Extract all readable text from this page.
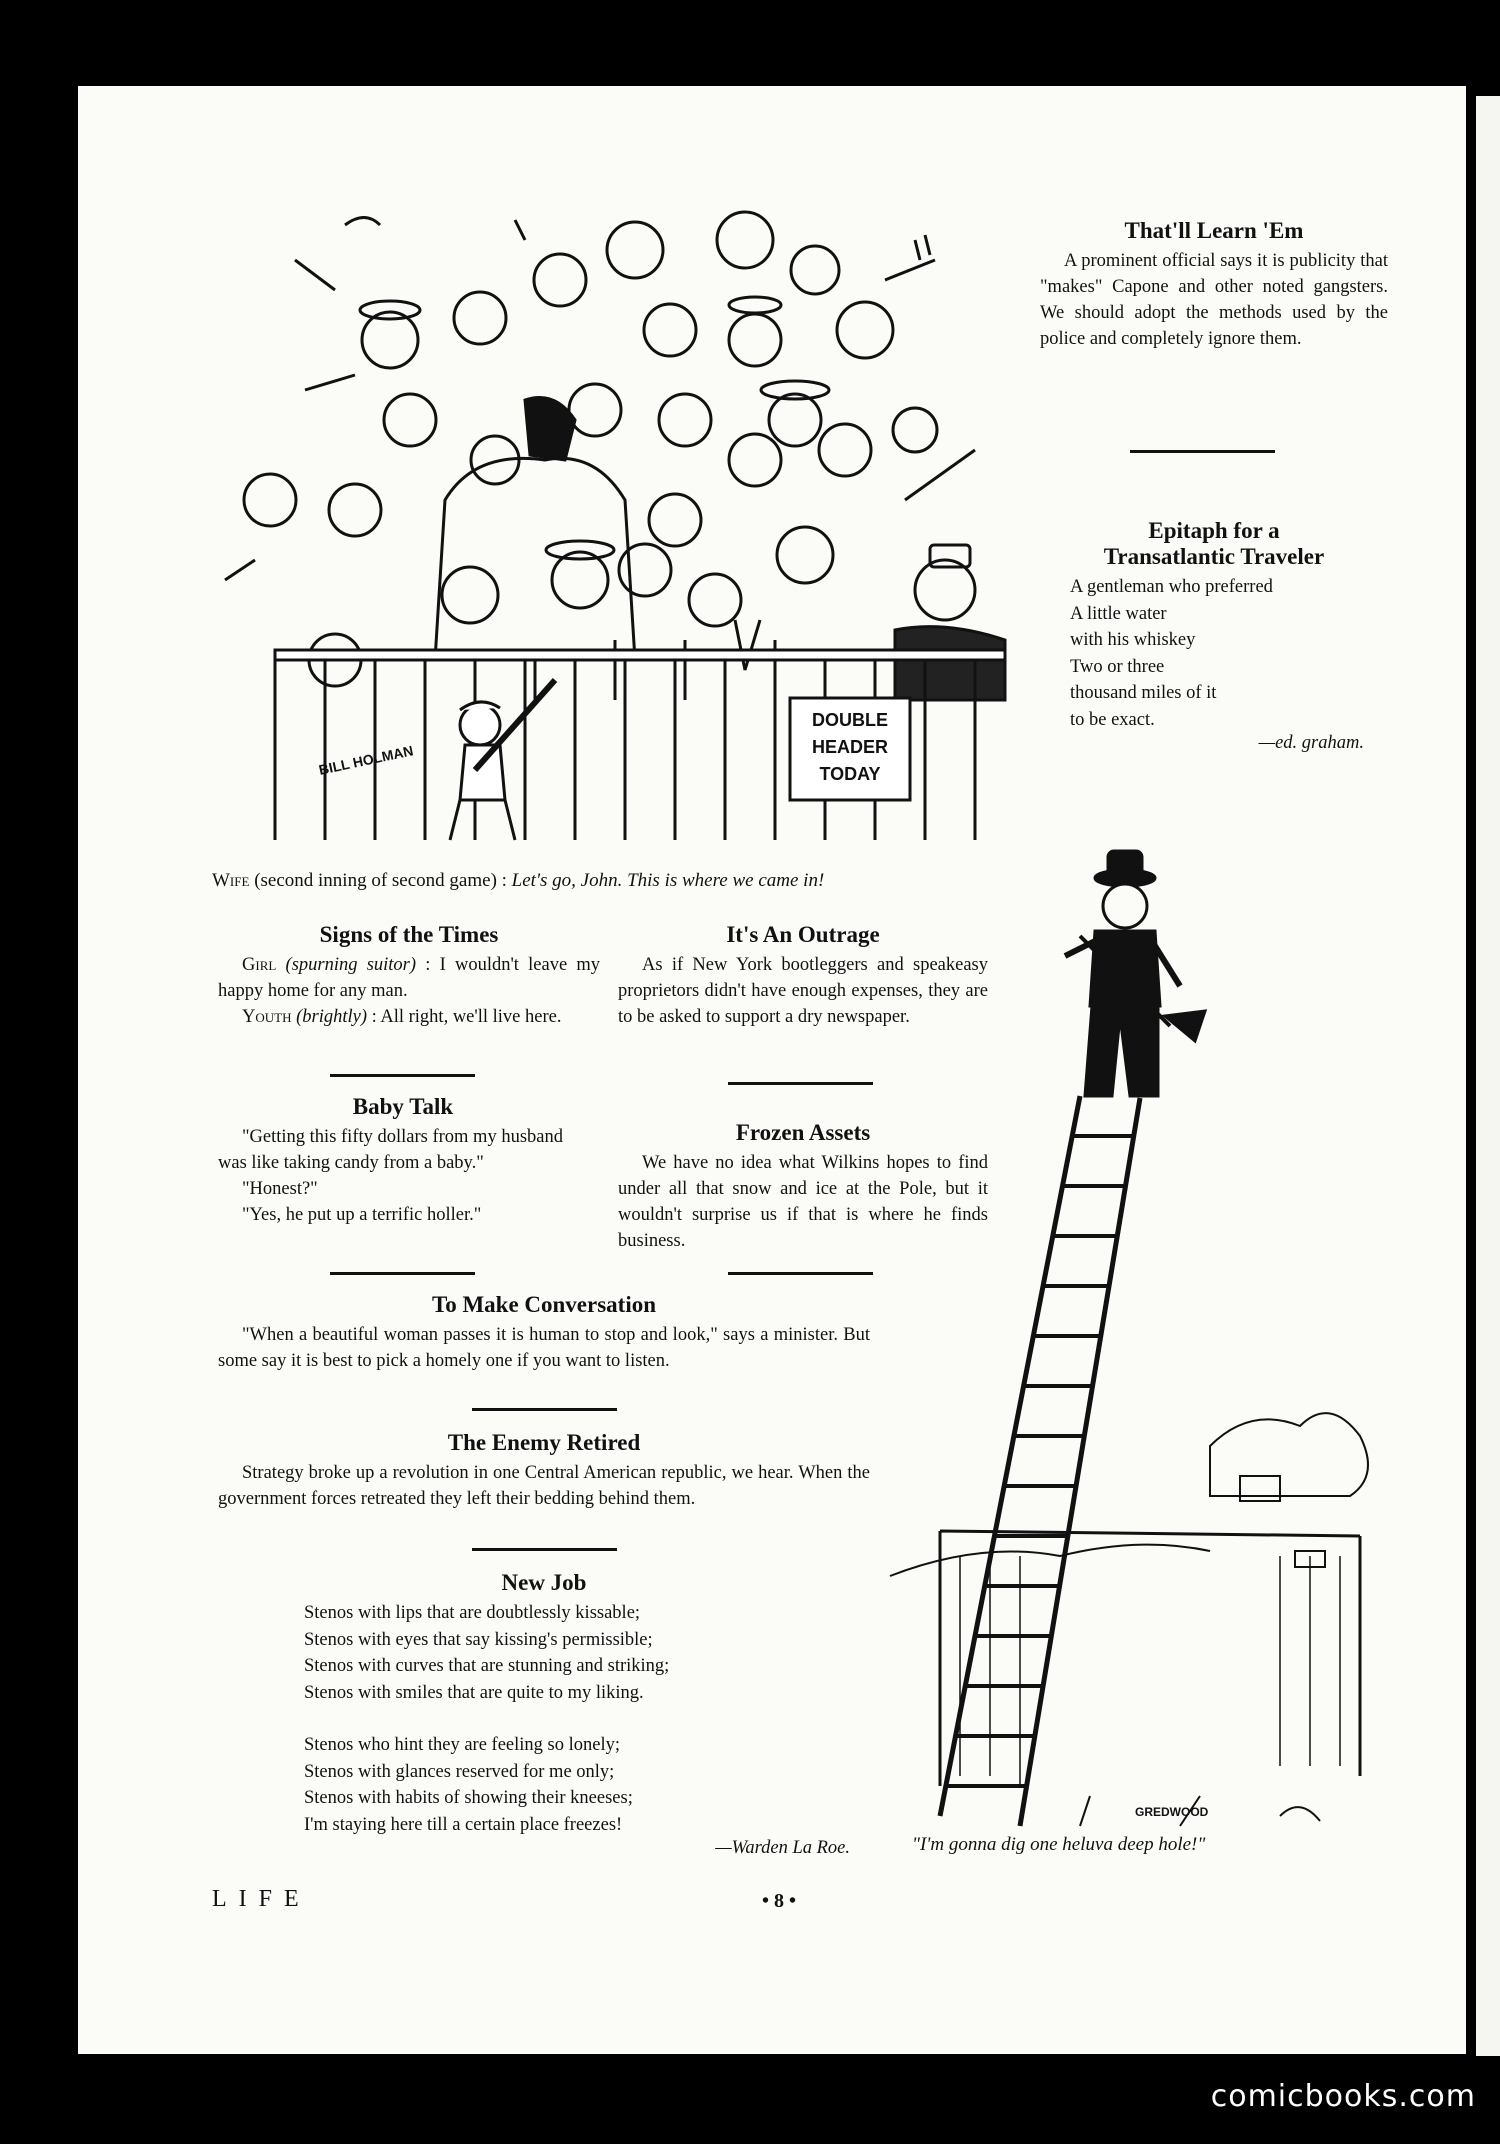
DOUBLE
HEADER
TODAY
BILL HOLMAN

Wife (second inning of second game) : Let's go, John. This is where we came in!

That'll Learn 'Em

A prominent official says it is publicity that "makes" Capone and other noted gangsters. We should adopt the methods used by the police and completely ignore them.

Epitaph for a

Transatlantic Traveler

A gentleman who preferred
A little water
with his whiskey
Two or three
thousand miles of it
to be exact.
—ed. graham.

Signs of the Times

Girl (spurning suitor) : I wouldn't leave my happy home for any man.

Youth (brightly) : All right, we'll live here.

It's An Outrage

As if New York bootleggers and speakeasy proprietors didn't have enough expenses, they are to be asked to support a dry newspaper.

Baby Talk

"Getting this fifty dollars from my husband was like taking candy from a baby."

"Honest?"

"Yes, he put up a terrific holler."

Frozen Assets

We have no idea what Wilkins hopes to find under all that snow and ice at the Pole, but it wouldn't surprise us if that is where he finds business.

To Make Conversation

"When a beautiful woman passes it is human to stop and look," says a minister. But some say it is best to pick a homely one if you want to listen.

The Enemy Retired

Strategy broke up a revolution in one Central American republic, we hear. When the government forces retreated they left their bedding behind them.

New Job

Stenos with lips that are doubtlessly kissable;
Stenos with eyes that say kissing's permissible;
Stenos with curves that are stunning and striking;
Stenos with smiles that are quite to my liking.
Stenos who hint they are feeling so lonely;
Stenos with glances reserved for me only;
Stenos with habits of showing their kneeses;
I'm staying here till a certain place freezes!
—Warden La Roe.
GREDWOOD

"I'm gonna dig one heluva deep hole!"

LIFE	• 8 •
comicbooks.com
